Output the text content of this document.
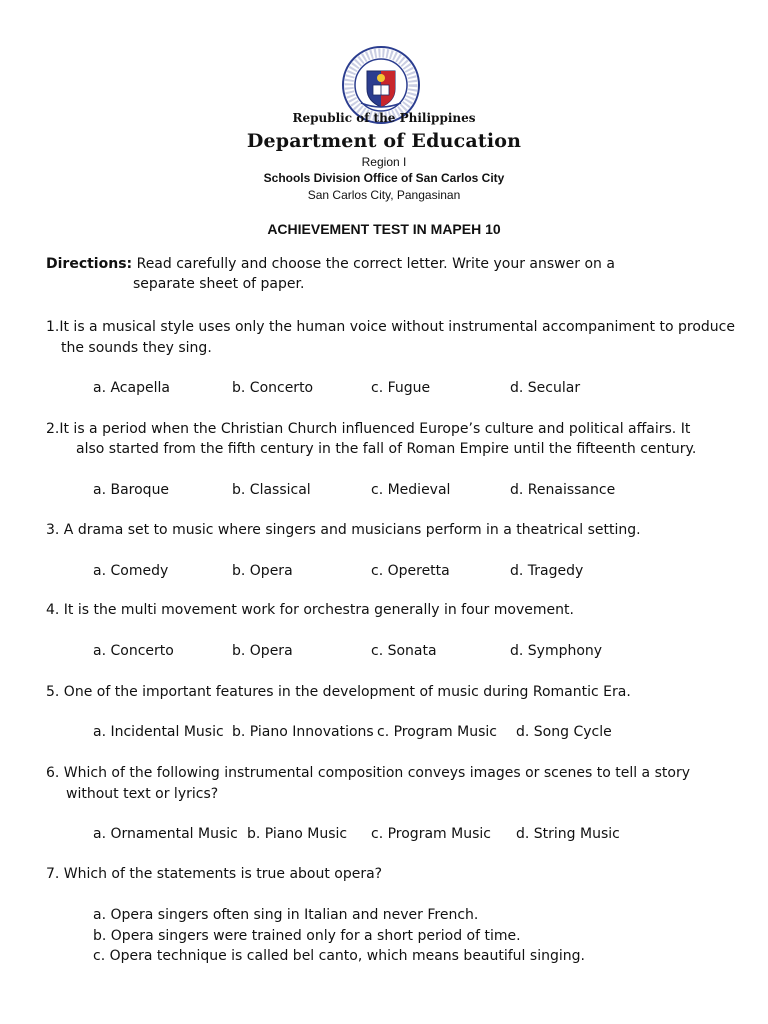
Republic of the Philippines
Department of Education
Region I
Schools Division Office of San Carlos City
San Carlos City, Pangasinan
ACHIEVEMENT TEST IN MAPEH 10
Directions: Read carefully and choose the correct letter. Write your answer on a
separate sheet of paper.
1.It is a musical style uses only the human voice without instrumental accompaniment to produce
the sounds they sing.
a. Acapella	b. Concerto	c. Fugue	d. Secular
2.It is a period when the Christian Church influenced Europe’s culture and political affairs. It
also started from the fifth century in the fall of Roman Empire until the fifteenth century.
a. Baroque	b. Classical	c. Medieval	d. Renaissance
3. A drama set to music where singers and musicians perform in a theatrical setting.
a. Comedy	b. Opera	c. Operetta	d. Tragedy
4. It is the multi movement work for orchestra generally in four movement.
a. Concerto	b. Opera	c. Sonata	d. Symphony
5. One of the important features in the development of music during Romantic Era.
a. Incidental Music b. Piano Innovations c. Program Music d. Song Cycle
6. Which of the following instrumental composition conveys images or scenes to tell a story
without text or lyrics?
a. Ornamental Music b. Piano Music c. Program Music d. String Music
7. Which of the statements is true about opera?
a. Opera singers often sing in Italian and never French.
b. Opera singers were trained only for a short period of time.
c. Opera technique is called bel canto, which means beautiful singing.
